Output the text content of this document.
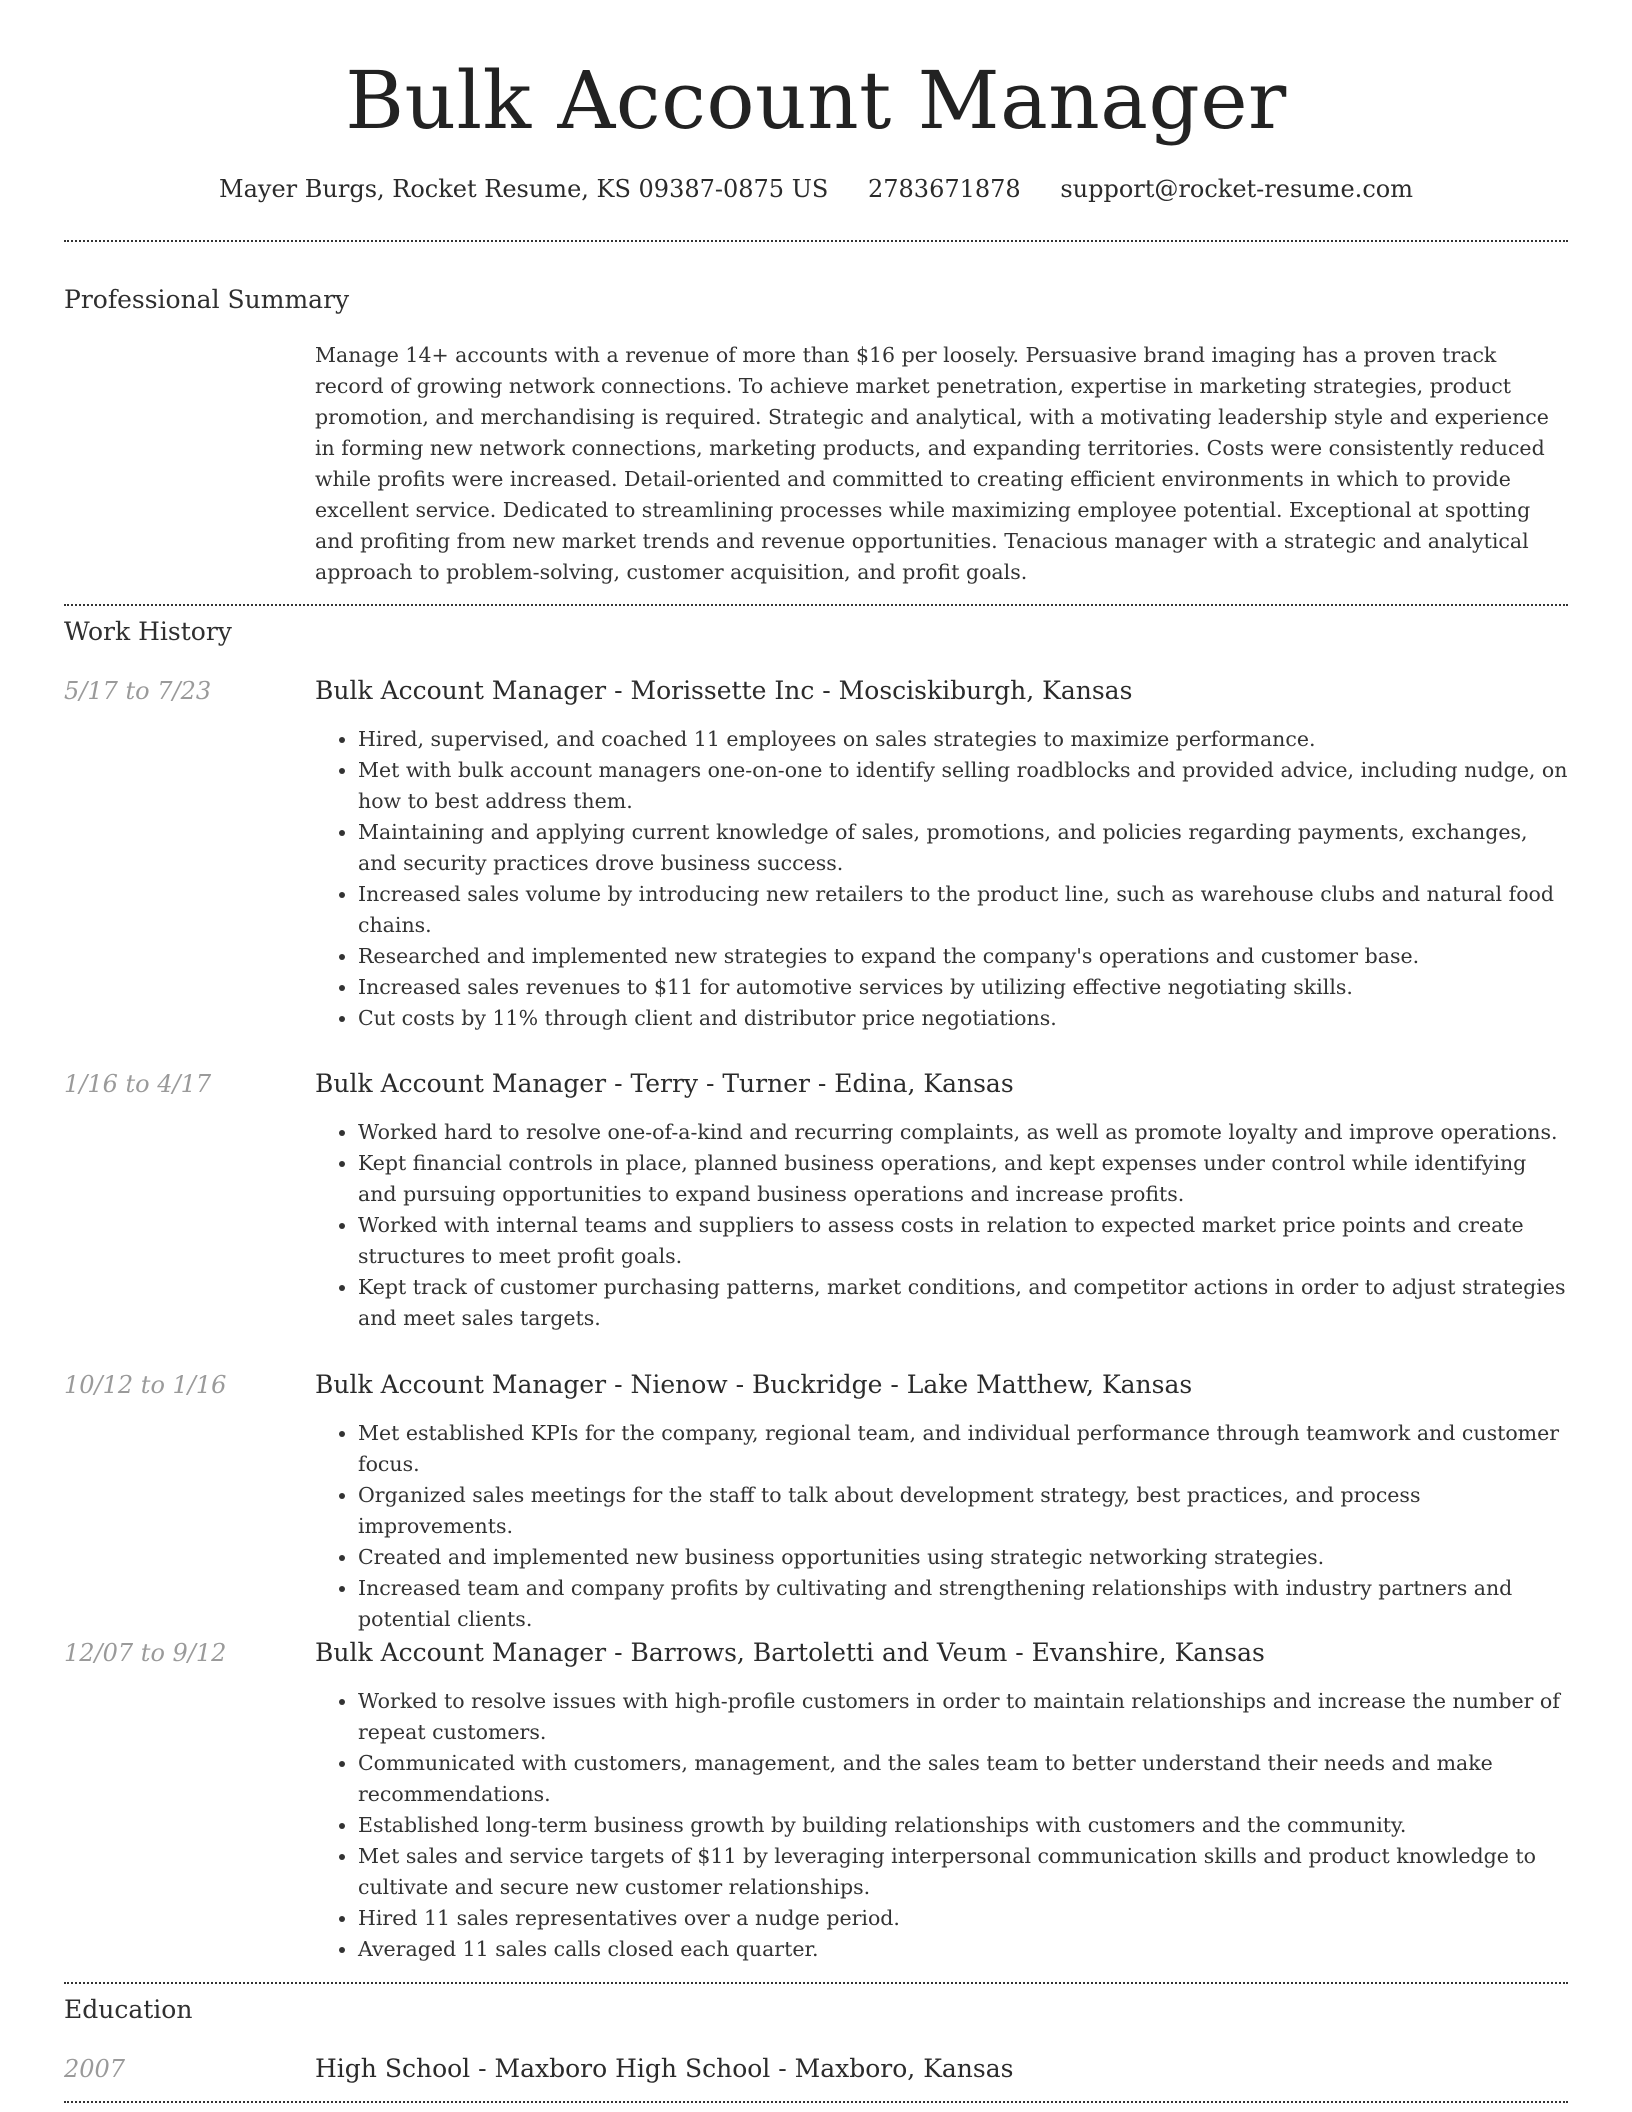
Bulk Account Manager
Mayer Burgs, Rocket Resume, KS 09387-0875 US 2783671878 support@rocket-resume.com
Professional Summary

Manage 14+ accounts with a revenue of more than $16 per loosely. Persuasive brand imaging has a proven track record of growing network connections. To achieve market penetration, expertise in marketing strategies, product promotion, and merchandising is required. Strategic and analytical, with a motivating leadership style and experience in forming new network connections, marketing products, and expanding territories. Costs were consistently reduced while profits were increased. Detail-oriented and committed to creating efficient environments in which to provide excellent service. Dedicated to streamlining processes while maximizing employee potential. Exceptional at spotting and profiting from new market trends and revenue opportunities. Tenacious manager with a strategic and analytical approach to problem-solving, customer acquisition, and profit goals.

Work History
5/17 to 7/23	Bulk Account Manager - Morissette Inc - Mosciskiburgh, Kansas
• Hired, supervised, and coached 11 employees on sales strategies to maximize performance.
• Met with bulk account managers one-on-one to identify selling roadblocks and provided advice, including nudge, on how to best address them.
• Maintaining and applying current knowledge of sales, promotions, and policies regarding payments, exchanges, and security practices drove business success.
• Increased sales volume by introducing new retailers to the product line, such as warehouse clubs and natural food chains.
• Researched and implemented new strategies to expand the company's operations and customer base.
• Increased sales revenues to $11 for automotive services by utilizing effective negotiating skills.
• Cut costs by 11% through client and distributor price negotiations.
1/16 to 4/17	Bulk Account Manager - Terry - Turner - Edina, Kansas
• Worked hard to resolve one-of-a-kind and recurring complaints, as well as promote loyalty and improve operations.
• Kept financial controls in place, planned business operations, and kept expenses under control while identifying and pursuing opportunities to expand business operations and increase profits.
• Worked with internal teams and suppliers to assess costs in relation to expected market price points and create structures to meet profit goals.
• Kept track of customer purchasing patterns, market conditions, and competitor actions in order to adjust strategies and meet sales targets.
10/12 to 1/16	Bulk Account Manager - Nienow - Buckridge - Lake Matthew, Kansas
• Met established KPIs for the company, regional team, and individual performance through teamwork and customer focus.
• Organized sales meetings for the staff to talk about development strategy, best practices, and process improvements.
• Created and implemented new business opportunities using strategic networking strategies.
• Increased team and company profits by cultivating and strengthening relationships with industry partners and potential clients.
12/07 to 9/12	Bulk Account Manager - Barrows, Bartoletti and Veum - Evanshire, Kansas
• Worked to resolve issues with high-profile customers in order to maintain relationships and increase the number of repeat customers.
• Communicated with customers, management, and the sales team to better understand their needs and make recommendations.
• Established long-term business growth by building relationships with customers and the community.
• Met sales and service targets of $11 by leveraging interpersonal communication skills and product knowledge to cultivate and secure new customer relationships.
• Hired 11 sales representatives over a nudge period.
• Averaged 11 sales calls closed each quarter.
Education
2007	High School - Maxboro High School - Maxboro, Kansas
